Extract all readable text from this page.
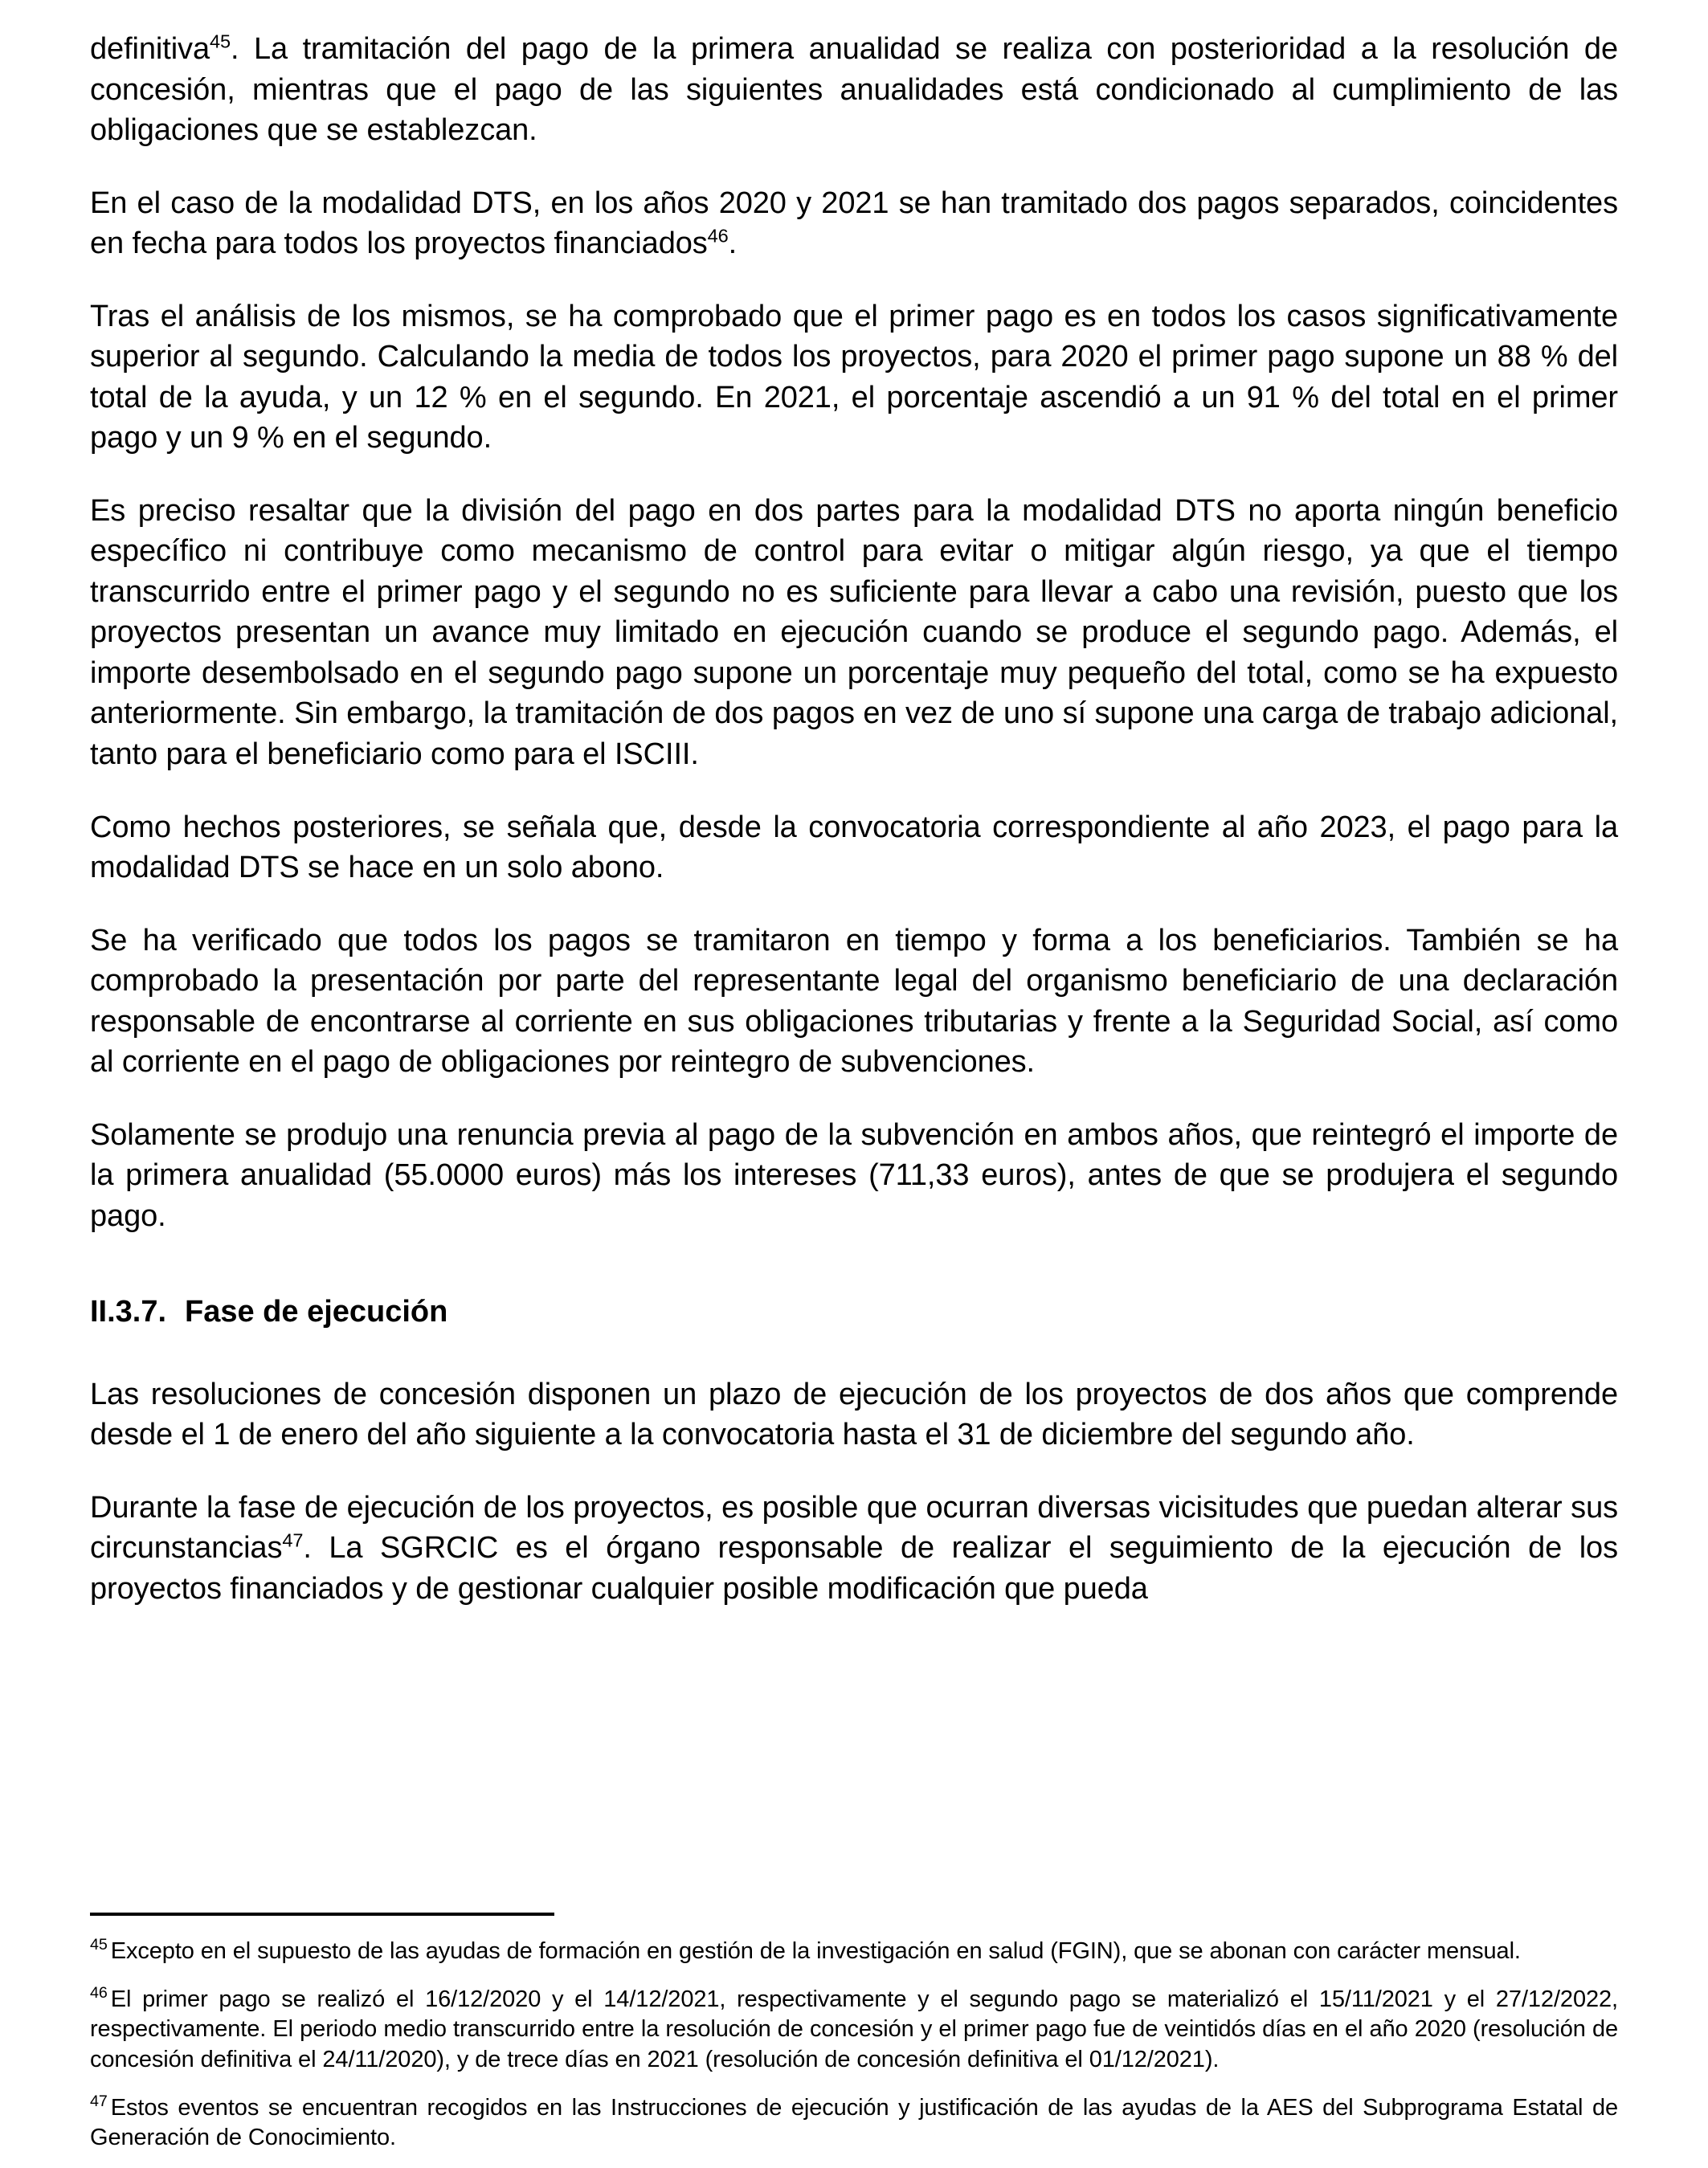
definitiva$^{45}$. La tramitación del pago de la primera anualidad se realiza con posterioridad a la resolución de concesión, mientras que el pago de las siguientes anualidades está condicionado al cumplimiento de las obligaciones que se establezcan.

En el caso de la modalidad DTS, en los años 2020 y 2021 se han tramitado dos pagos separados, coincidentes en fecha para todos los proyectos financiados$^{46}$.

Tras el análisis de los mismos, se ha comprobado que el primer pago es en todos los casos significativamente superior al segundo. Calculando la media de todos los proyectos, para 2020 el primer pago supone un 88 % del total de la ayuda, y un 12 % en el segundo. En 2021, el porcentaje ascendió a un 91 % del total en el primer pago y un 9 % en el segundo.

Es preciso resaltar que la división del pago en dos partes para la modalidad DTS no aporta ningún beneficio específico ni contribuye como mecanismo de control para evitar o mitigar algún riesgo, ya que el tiempo transcurrido entre el primer pago y el segundo no es suficiente para llevar a cabo una revisión, puesto que los proyectos presentan un avance muy limitado en ejecución cuando se produce el segundo pago. Además, el importe desembolsado en el segundo pago supone un porcentaje muy pequeño del total, como se ha expuesto anteriormente. Sin embargo, la tramitación de dos pagos en vez de uno sí supone una carga de trabajo adicional, tanto para el beneficiario como para el ISCIII.

Como hechos posteriores, se señala que, desde la convocatoria correspondiente al año 2023, el pago para la modalidad DTS se hace en un solo abono.

Se ha verificado que todos los pagos se tramitaron en tiempo y forma a los beneficiarios. También se ha comprobado la presentación por parte del representante legal del organismo beneficiario de una declaración responsable de encontrarse al corriente en sus obligaciones tributarias y frente a la Seguridad Social, así como al corriente en el pago de obligaciones por reintegro de subvenciones.

Solamente se produjo una renuncia previa al pago de la subvención en ambos años, que reintegró el importe de la primera anualidad (55.0000 euros) más los intereses (711,33 euros), antes de que se produjera el segundo pago.

II.3.7. Fase de ejecución

Las resoluciones de concesión disponen un plazo de ejecución de los proyectos de dos años que comprende desde el 1 de enero del año siguiente a la convocatoria hasta el 31 de diciembre del segundo año.

Durante la fase de ejecución de los proyectos, es posible que ocurran diversas vicisitudes que puedan alterar sus circunstancias$^{47}$. La SGRCIC es el órgano responsable de realizar el seguimiento de la ejecución de los proyectos financiados y de gestionar cualquier posible modificación que pueda

$^{45}$ Excepto en el supuesto de las ayudas de formación en gestión de la investigación en salud (FGIN), que se abonan con carácter mensual.

$^{46}$ El primer pago se realizó el 16/12/2020 y el 14/12/2021, respectivamente y el segundo pago se materializó el 15/11/2021 y el 27/12/2022, respectivamente. El periodo medio transcurrido entre la resolución de concesión y el primer pago fue de veintidós días en el año 2020 (resolución de concesión definitiva el 24/11/2020), y de trece días en 2021 (resolución de concesión definitiva el 01/12/2021).

$^{47}$ Estos eventos se encuentran recogidos en las Instrucciones de ejecución y justificación de las ayudas de la AES del Subprograma Estatal de Generación de Conocimiento.
